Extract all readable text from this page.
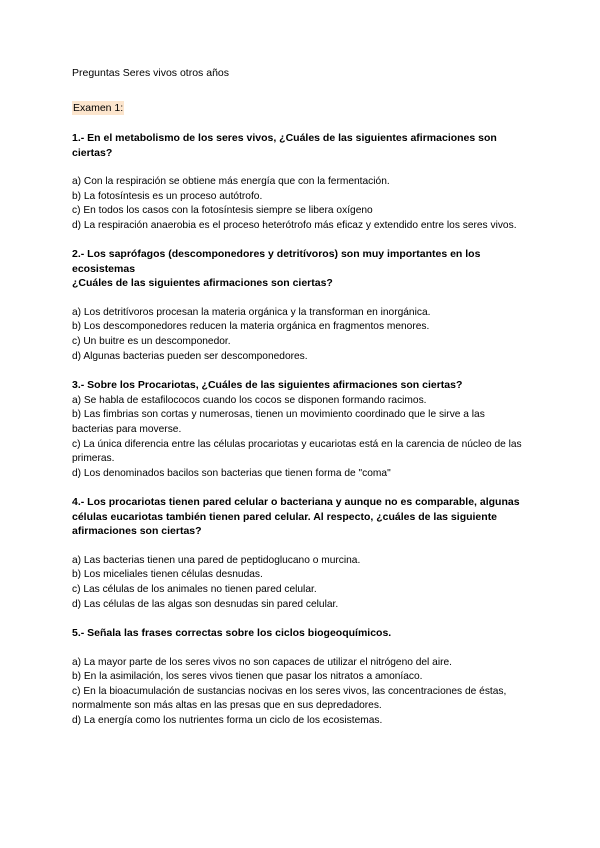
Preguntas Seres vivos otros años
Examen 1:
1.- En el metabolismo de los seres vivos, ¿Cuáles de las siguientes afirmaciones son ciertas?
a) Con la respiración se obtiene más energía que con la fermentación.
b) La fotosíntesis es un proceso autótrofo.
c) En todos los casos con la fotosíntesis siempre se libera oxígeno
d) La respiración anaerobia es el proceso heterótrofo más eficaz y extendido entre los seres vivos.
2.- Los saprófagos (descomponedores y detritívoros) son muy importantes en los ecosistemas
¿Cuáles de las siguientes afirmaciones son ciertas?
a) Los detritívoros procesan la materia orgánica y la transforman en inorgánica.
b) Los descomponedores reducen la materia orgánica en fragmentos menores.
c) Un buitre es un descomponedor.
d) Algunas bacterias pueden ser descomponedores.
3.- Sobre los Procariotas, ¿Cuáles de las siguientes afirmaciones son ciertas?
a) Se habla de estafilococos cuando los cocos se disponen formando racimos.
b) Las fimbrias son cortas y numerosas, tienen un movimiento coordinado que le sirve a las bacterias para moverse.
c) La única diferencia entre las células procariotas y eucariotas está en la carencia de núcleo de las primeras.
d) Los denominados bacilos son bacterias que tienen forma de "coma"
4.- Los procariotas tienen pared celular o bacteriana y aunque no es comparable, algunas células eucariotas también tienen pared celular. Al respecto, ¿cuáles de las siguiente afirmaciones son ciertas?
a) Las bacterias tienen una pared de peptidoglucano o murcina.
b) Los miceliales tienen células desnudas.
c) Las células de los animales no tienen pared celular.
d) Las células de las algas son desnudas sin pared celular.
5.- Señala las frases correctas sobre los ciclos biogeoquímicos.
a) La mayor parte de los seres vivos no son capaces de utilizar el nitrógeno del aire.
b) En la asimilación, los seres vivos tienen que pasar los nitratos a amoníaco.
c) En la bioacumulación de sustancias nocivas en los seres vivos, las concentraciones de éstas,
normalmente son más altas en las presas que en sus depredadores.
d) La energía como los nutrientes forma un ciclo de los ecosistemas.
